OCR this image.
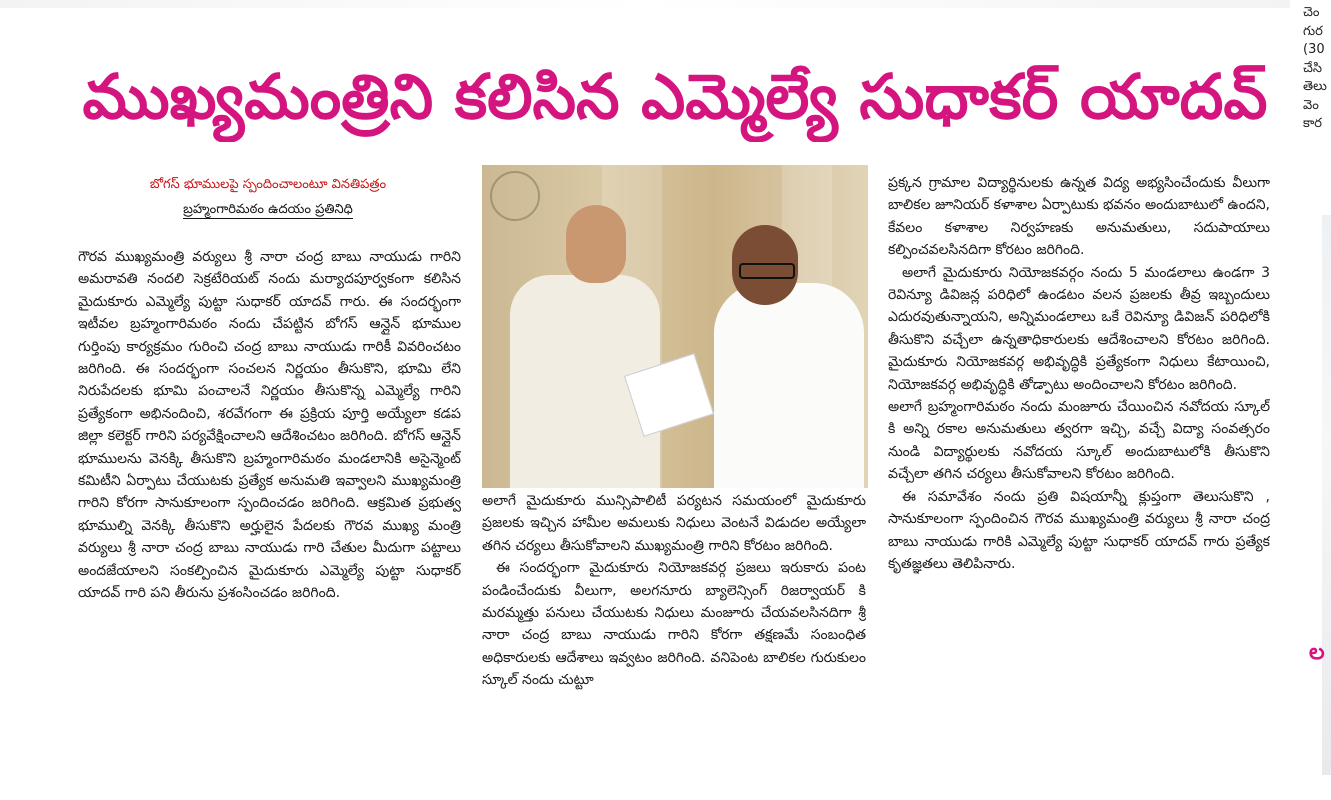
ముఖ్యమంత్రిని కలిసిన ఎమ్మెల్యే సుధాకర్ యాదవ్
బోగస్ భూములపై స్పందించాలంటూ వినతిపత్రం
బ్రహ్మంగారిమఠం ఉదయం ప్రతినిధి

గౌరవ ముఖ్యమంత్రి వర్యులు శ్రీ నారా చంద్ర బాబు నాయుడు గారిని అమరావతి నందలి సెక్రటేరియట్ నందు మర్యాదపూర్వకంగా కలిసిన మైదుకూరు ఎమ్మెల్యే పుట్టా సుధాకర్ యాదవ్ గారు. ఈ సందర్భంగా ఇటీవల బ్రహ్మంగారిమఠం నందు చేపట్టిన బోగస్ ఆన్లైన్ భూముల గుర్తింపు కార్యక్రమం గురించి చంద్ర బాబు నాయుడు గారికీ వివరించటం జరిగింది. ఈ సందర్భంగా సంచలన నిర్ణయం తీసుకొని, భూమి లేని నిరుపేదలకు భూమి పంచాలనే నిర్ణయం తీసుకొన్న ఎమ్మెల్యే గారిని ప్రత్యేకంగా అభినందించి, శరవేగంగా ఈ ప్రక్రియ పూర్తి అయ్యేలా కడప జిల్లా కలెక్టర్ గారిని పర్యవేక్షించాలని ఆదేశించటం జరిగింది. బోగస్ ఆన్లైన్ భూములను వెనక్కి తీసుకొని బ్రహ్మంగారిమఠం మండలానికి అసైన్మెంట్ కమిటీని ఏర్పాటు చేయుటకు ప్రత్యేక అనుమతి ఇవ్వాలని ముఖ్యమంత్రి గారిని కోరగా సానుకూలంగా స్పందించడం జరిగింది. ఆక్రమిత ప్రభుత్వ భూముల్ని వెనక్కి తీసుకొని అర్హులైన పేదలకు గౌరవ ముఖ్య మంత్రి వర్యులు శ్రీ నారా చంద్ర బాబు నాయుడు గారి చేతుల మీదుగా పట్టాలు అందజేయాలని సంకల్పించిన మైదుకూరు ఎమ్మెల్యే పుట్టా సుధాకర్ యాదవ్ గారి పని తీరును ప్రశంసించడం జరిగింది.

అలాగే మైదుకూరు మున్సిపాలిటీ పర్యటన సమయంలో మైదుకూరు ప్రజలకు ఇచ్చిన హామీల అమలుకు నిధులు వెంటనే విడుదల అయ్యేలా తగిన చర్యలు తీసుకోవాలని ముఖ్యమంత్రి గారిని కోరటం జరిగింది.

ఈ సందర్భంగా మైదుకూరు నియోజకవర్గ ప్రజలు ఇరుకారు పంట పండించేందుకు వీలుగా, అలగనూరు బ్యాలెన్సింగ్ రిజర్వాయర్ కి మరమ్మత్తు పనులు చేయుటకు నిధులు మంజూరు చేయవలసినదిగా శ్రీ నారా చంద్ర బాబు నాయుడు గారిని కోరగా తక్షణమే సంబంధిత అధికారులకు ఆదేశాలు ఇవ్వటం జరిగింది. వనిపెంట బాలికల గురుకులం స్కూల్ నందు చుట్టూ

ప్రక్కన గ్రామాల విద్యార్థినులకు ఉన్నత విద్య అభ్యసించేందుకు వీలుగా బాలికల జూనియర్ కళాశాల ఏర్పాటుకు భవనం అందుబాటులో ఉందని, కేవలం కళాశాల నిర్వహణకు అనుమతులు, సదుపాయాలు కల్పించవలసినదిగా కోరటం జరిగింది.

అలాగే మైదుకూరు నియోజకవర్గం నందు 5 మండలాలు ఉండగా 3 రెవిన్యూ డివిజన్ల పరిధిలో ఉండటం వలన ప్రజలకు తీవ్ర ఇబ్బందులు ఎదురవుతున్నాయని, అన్నిమండలాలు ఒకే రెవిన్యూ డివిజన్ పరిధిలోకి తీసుకొని వచ్చేలా ఉన్నతాధికారులకు ఆదేశించాలని కోరటం జరిగింది. మైదుకూరు నియోజకవర్గ అభివృద్ధికి ప్రత్యేకంగా నిధులు కేటాయించి, నియోజకవర్గ అభివృద్ధికి తోడ్పాటు అందించాలని కోరటం జరిగింది.

అలాగే బ్రహ్మంగారిమఠం నందు మంజూరు చేయించిన నవోదయ స్కూల్ కి అన్ని రకాల అనుమతులు త్వరగా ఇచ్చి, వచ్చే విద్యా సంవత్సరం నుండి విద్యార్థులకు నవోదయ స్కూల్ అందుబాటులోకి తీసుకొని వచ్చేలా తగిన చర్యలు తీసుకోవాలని కోరటం జరిగింది.

ఈ సమావేశం నందు ప్రతి విషయాన్నీ క్లుప్తంగా తెలుసుకొని , సానుకూలంగా స్పందించిన గౌరవ ముఖ్యమంత్రి వర్యులు శ్రీ నారా చంద్ర బాబు నాయుడు గారికి ఎమ్మెల్యే పుట్టా సుధాకర్ యాదవ్ గారు ప్రత్యేక కృతజ్ఞతలు తెలిపినారు.

చెం
గుర
(30
చేసి
తెలు
వెం
కార
ల
